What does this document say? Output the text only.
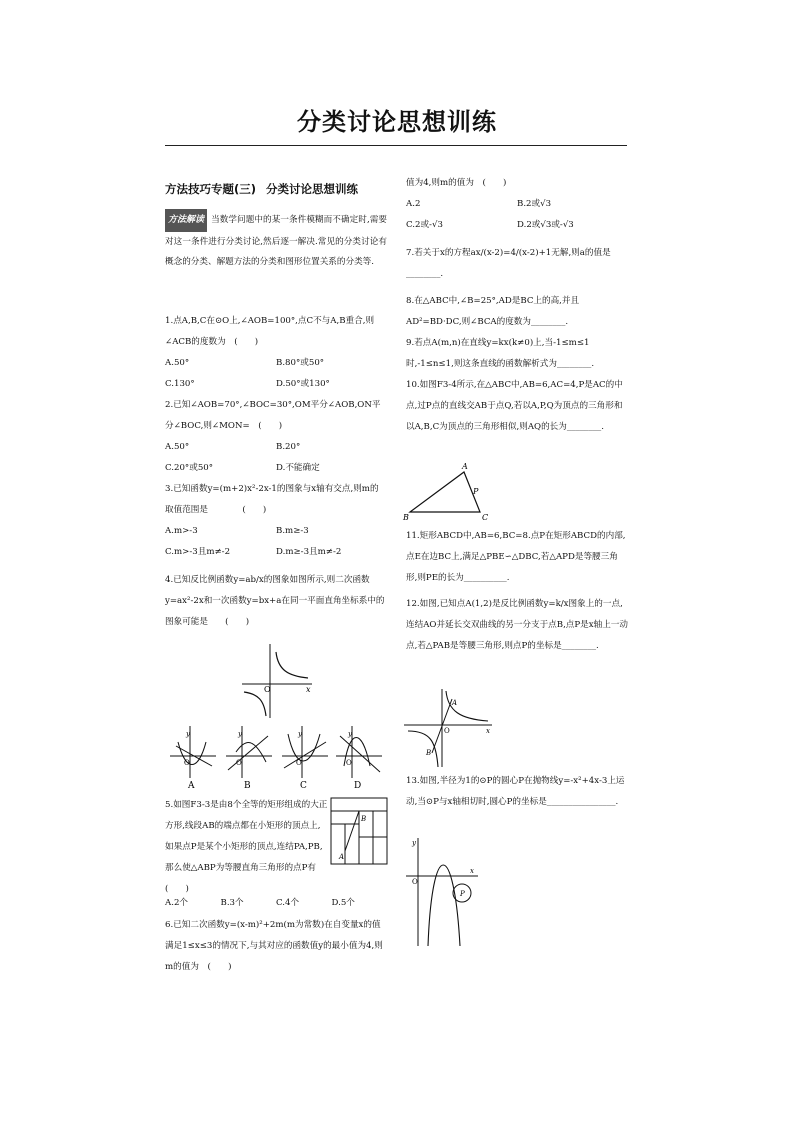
分类讨论思想训练
方法技巧专题(三) 分类讨论思想训练
方法解读 当数学问题中的某一条件模糊而不确定时,需要对这一条件进行分类讨论,然后逐一解决.常见的分类讨论有概念的分类、解题方法的分类和图形位置关系的分类等.

1.点A,B,C在⊙O上,∠AOB=100°,点C不与A,B重合,则∠ACB的度数为　(　　)

A.50°	B.80°或50°
C.130°	D.50°或130°

2.已知∠AOB=70°,∠BOC=30°,OM平分∠AOB,ON平分∠BOC,则∠MON=　(　　)

A.50°	B.20°
C.20°或50°	D.不能确定

3.已知函数y=(m+2)x²-2x-1的图象与x轴有交点,则m的取值范围是　　　　(　　)

A.m>-3	B.m≥-3
C.m>-3且m≠-2	D.m≥-3且m≠-2

4.已知反比例函数y=ab/x的图象如图所示,则二次函数y=ax²-2x和一次函数y=bx+a在同一平面直角坐标系中的图象可能是　　(　　)

O	x
y
O
A
y
O
B
y
O
C
y
O
D

5.如图F3-3是由8个全等的矩形组成的大正方形,线段AB的端点都在小矩形的顶点上,如果点P是某个小矩形的顶点,连结PA,PB,那么使△ABP为等腰直角三角形的点P有　　(　　)

A.2个	B.3个	C.4个	D.5个
B
A

6.已知二次函数y=(x-m)²+2m(m为常数)在自变量x的值满足1≤x≤3的情况下,与其对应的函数值y的最小值为4,则m的值为　(　　)

值为4,则m的值为　(　　)

A.2	B.2或√3
C.2或-√3	D.2或√3或-√3

7.若关于x的方程ax/(x-2)=4/(x-2)+1无解,则a的值是________.

8.在△ABC中,∠B=25°,AD是BC上的高,并且AD²=BD·DC,则∠BCA的度数为________.

9.若点A(m,n)在直线y=kx(k≠0)上,当-1≤m≤1时,-1≤n≤1,则这条直线的函数解析式为________.

10.如图F3-4所示,在△ABC中,AB=6,AC=4,P是AC的中点,过P点的直线交AB于点Q,若以A,P,Q为顶点的三角形和以A,B,C为顶点的三角形相似,则AQ的长为________.

A
B	C
P

11.矩形ABCD中,AB=6,BC=8.点P在矩形ABCD的内部,点E在边BC上,满足△PBE∽△DBC,若△APD是等腰三角形,则PE的长为__________.

12.如图,已知点A(1,2)是反比例函数y=k/x图象上的一点,连结AO并延长交双曲线的另一分支于点B,点P是x轴上一动点,若△PAB是等腰三角形,则点P的坐标是________.

A
B
O	x

13.如图,半径为1的⊙P的圆心P在抛物线y=-x²+4x-3上运动,当⊙P与x轴相切时,圆心P的坐标是________________.

P
O
x
y
